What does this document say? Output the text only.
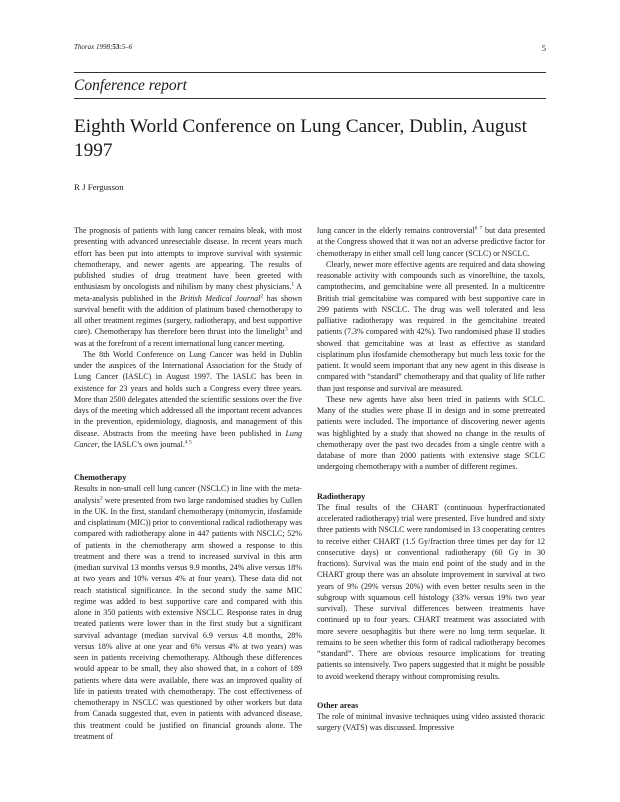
Thorax 1998;53:5–6	5
Conference report
Eighth World Conference on Lung Cancer, Dublin, August 1997
R J Fergusson

The prognosis of patients with lung cancer remains bleak, with most presenting with advanced unresectable disease. In recent years much effort has been put into attempts to improve survival with systemic chemotherapy, and newer agents are appearing. The results of published studies of drug treatment have been greeted with enthusiasm by oncologists and nihilism by many chest physicians.$^1$ A meta-analysis published in the British Medical Journal$^2$ has shown survival benefit with the addition of platinum based chemotherapy to all other treatment regimes (surgery, radiotherapy, and best supportive care). Chemotherapy has therefore been thrust into the limelight$^3$ and was at the forefront of a recent international lung cancer meeting.

The 8th World Conference on Lung Cancer was held in Dublin under the auspices of the International Association for the Study of Lung Cancer (IASLC) in August 1997. The IASLC has been in existence for 23 years and holds such a Congress every three years. More than 2500 delegates attended the scientific sessions over the five days of the meeting which addressed all the important recent advances in the prevention, epidemiology, diagnosis, and management of this disease. Abstracts from the meeting have been published in Lung Cancer, the IASLC’s own journal.$^{4 5}$

Chemotherapy

Results in non-small cell lung cancer (NSCLC) in line with the meta-analysis$^2$ were presented from two large randomised studies by Cullen in the UK. In the first, standard chemotherapy (mitomycin, ifosfamide and cisplatinum (MIC)) prior to conventional radical radiotherapy was compared with radiotherapy alone in 447 patients with NSCLC; 52% of patients in the chemotherapy arm showed a response to this treatment and there was a trend to increased survival in this arm (median survival 13 months versus 9.9 months, 24% alive versus 18% at two years and 10% versus 4% at four years). These data did not reach statistical significance. In the second study the same MIC regime was added to best supportive care and compared with this alone in 350 patients with extensive NSCLC. Response rates in drug treated patients were lower than in the first study but a significant survival advantage (median survival 6.9 versus 4.8 months, 28% versus 18% alive at one year and 6% versus 4% at two years) was seen in patients receiving chemotherapy. Although these differences would appear to be small, they also showed that, in a cohort of 189 patients where data were available, there was an improved quality of life in patients treated with chemotherapy. The cost effectiveness of chemotherapy in NSCLC was questioned by other workers but data from Canada suggested that, even in patients with advanced disease, this treatment could be justified on financial grounds alone. The treatment of

lung cancer in the elderly remains controversial$^{6 7}$ but data presented at the Congress showed that it was not an adverse predictive factor for chemotherapy in either small cell lung cancer (SCLC) or NSCLC.

Clearly, newer more effective agents are required and data showing reasonable activity with compounds such as vinorelbine, the taxols, camptothecins, and gemcitabine were all presented. In a multicentre British trial gemcitabine was compared with best supportive care in 299 patients with NSCLC. The drug was well tolerated and less palliative radiotherapy was required in the gemcitabine treated patients (7.3% compared with 42%). Two randomised phase II studies showed that gemcitabine was at least as effective as standard cisplatinum plus ifosfamide chemotherapy but much less toxic for the patient. It would seem important that any new agent in this disease is compared with “standard” chemotherapy and that quality of life rather than just response and survival are measured.

These new agents have also been tried in patients with SCLC. Many of the studies were phase II in design and in some pretreated patients were included. The importance of discovering newer agents was highlighted by a study that showed no change in the results of chemotherapy over the past two decades from a single centre with a database of more than 2000 patients with extensive stage SCLC undergoing chemotherapy with a number of different regimes.

Radiotherapy

The final results of the CHART (continuous hyperfractionated accelerated radiotherapy) trial were presented. Five hundred and sixty three patients with NSCLC were randomised in 13 cooperating centres to receive either CHART (1.5 Gy/fraction three times per day for 12 consecutive days) or conventional radiotherapy (60 Gy in 30 fractions). Survival was the main end point of the study and in the CHART group there was an absolute improvement in survival at two years of 9% (29% versus 20%) with even better results seen in the subgroup with squamous cell histology (33% versus 19% two year survival). These survival differences between treatments have continued up to four years. CHART treatment was associated with more severe oesophagitis but there were no long term sequelae. It remains to be seen whether this form of radical radiotherapy becomes “standard”. There are obvious resource implications for treating patients so intensively. Two papers suggested that it might be possible to avoid weekend therapy without compromising results.

Other areas

The role of minimal invasive techniques using video assisted thoracic surgery (VATS) was discussed. Impressive
